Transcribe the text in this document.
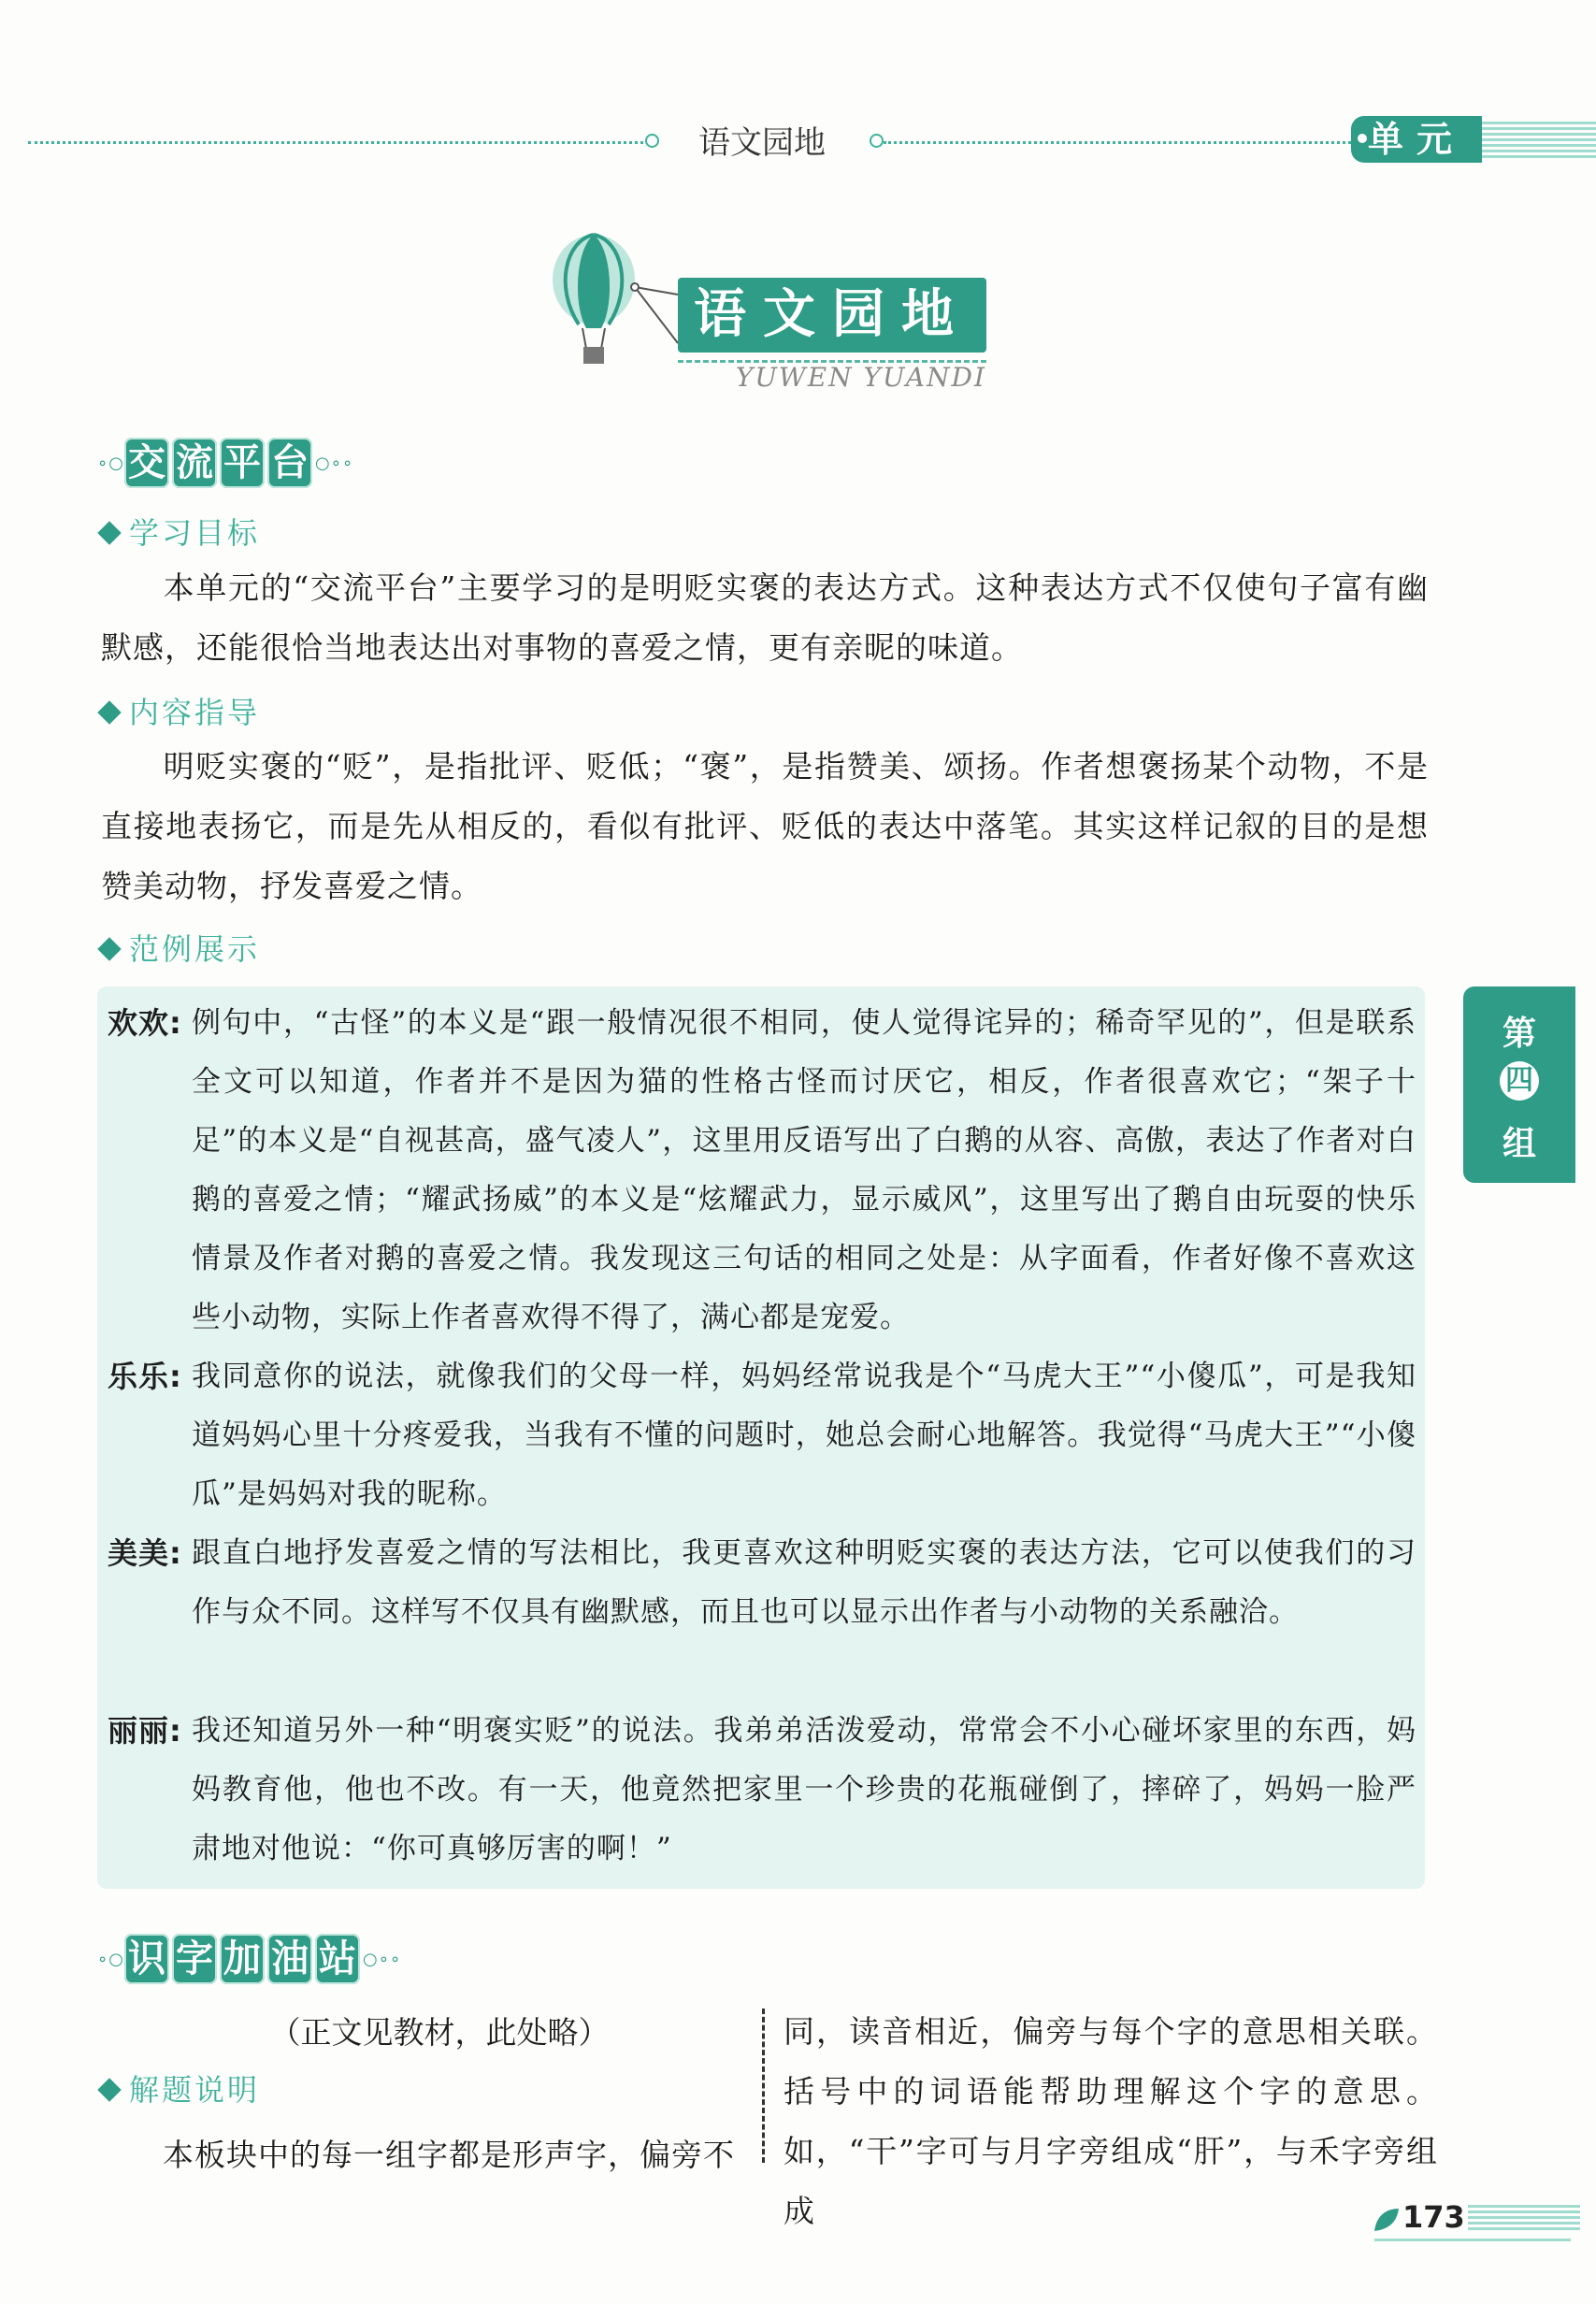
语文园地	单元
语文园地
YUWEN YUANDI
∘○ 交 流 平 台 ○∘∘
学习目标
本单元的“交流平台”主要学习的是明贬实褒的表达方式。这种表达方式不仅使句子富有幽默感，还能很恰当地表达出对事物的喜爱之情，更有亲昵的味道。
内容指导
明贬实褒的“贬”，是指批评、贬低；“褒”，是指赞美、颂扬。作者想褒扬某个动物，不是直接地表扬它，而是先从相反的，看似有批评、贬低的表达中落笔。其实这样记叙的目的是想赞美动物，抒发喜爱之情。
范例展示
欢欢: 例句中，“古怪”的本义是“跟一般情况很不相同，使人觉得诧异的；稀奇罕见的”，但是联系全文可以知道，作者并不是因为猫的性格古怪而讨厌它，相反，作者很喜欢它；“架子十足”的本义是“自视甚高，盛气凌人”，这里用反语写出了白鹅的从容、高傲，表达了作者对白鹅的喜爱之情；“耀武扬威”的本义是“炫耀武力，显示威风”，这里写出了鹅自由玩耍的快乐情景及作者对鹅的喜爱之情。我发现这三句话的相同之处是：从字面看，作者好像不喜欢这些小动物，实际上作者喜欢得不得了，满心都是宠爱。
乐乐: 我同意你的说法，就像我们的父母一样，妈妈经常说我是个“马虎大王”“小傻瓜”，可是我知道妈妈心里十分疼爱我，当我有不懂的问题时，她总会耐心地解答。我觉得“马虎大王”“小傻瓜”是妈妈对我的昵称。
美美: 跟直白地抒发喜爱之情的写法相比，我更喜欢这种明贬实褒的表达方法，它可以使我们的习作与众不同。这样写不仅具有幽默感，而且也可以显示出作者与小动物的关系融洽。
丽丽: 我还知道另外一种“明褒实贬”的说法。我弟弟活泼爱动，常常会不小心碰坏家里的东西，妈妈教育他，他也不改。有一天，他竟然把家里一个珍贵的花瓶碰倒了，摔碎了，妈妈一脸严肃地对他说：“你可真够厉害的啊！”
第
四
组
∘○ 识 字 加 油 站 ○∘∘
（正文见教材，此处略）
解题说明
本板块中的每一组字都是形声字，偏旁不
同，读音相近，偏旁与每个字的意思相关联。括号中的词语能帮助理解这个字的意思。如，“干”字可与月字旁组成“肝”，与禾字旁组成	173
